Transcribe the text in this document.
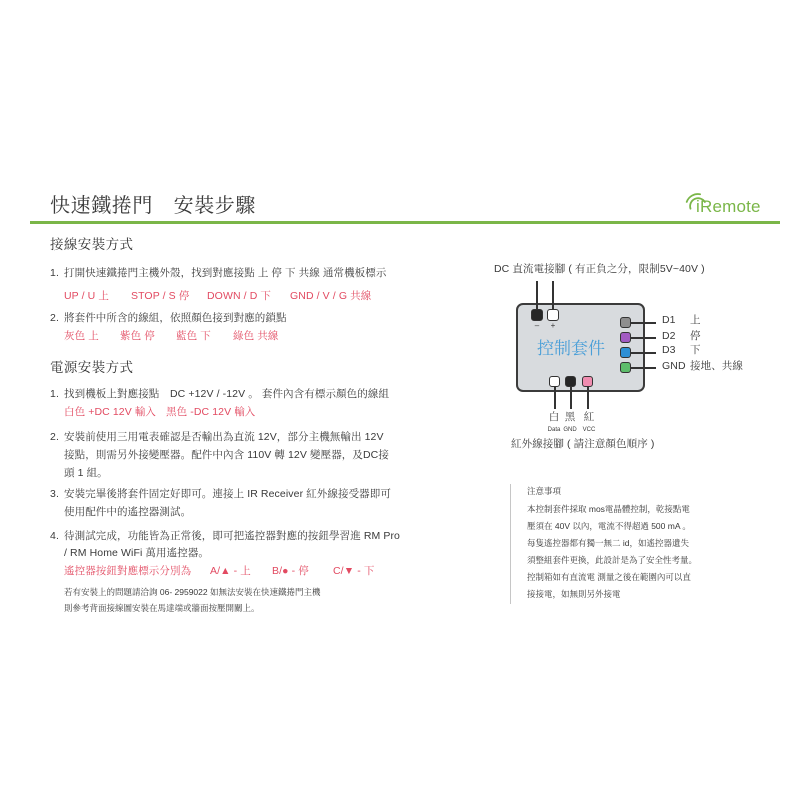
快速鐵捲門　安裝步驟	iRemote
接線安裝方式
1. 打開快速鐵捲門主機外殼，找到對應接點 上 停 下 共線 通常機板標示
UP / U 上 STOP / S 停 DOWN / D 下 GND / V / G 共線
2. 將套件中所含的線組，依照顏色接到對應的鎖點
灰色 上 紫色 停 藍色 下 綠色 共線
電源安裝方式
1. 找到機板上對應接點　DC +12V / -12V 。 套件內含有標示顏色的線組
白色 +DC 12V 輸入 黑色 -DC 12V 輸入
2. 安裝前使用三用電表確認是否輸出為直流 12V，部分主機無輸出 12V
接點，則需另外接變壓器。配件中內含 110V 轉 12V 變壓器，及DC接
頭 1 組。
3. 安裝完畢後將套件固定好即可。連接上 IR Receiver 紅外線接受器即可
使用配件中的遙控器測試。
4. 待測試完成，功能皆為正常後，即可把遙控器對應的按鈕學習進 RM Pro
/ RM Home WiFi 萬用遙控器。
遙控器按鈕對應標示分別為 A/▲ - 上 B/● - 停 C/▼ - 下
若有安裝上的問題請洽詢 06- 2959022 如無法安裝在快速鐵捲門主機
則參考背面接線圖安裝在馬達端或牆面按壓開關上。
DC 直流電接腳 ( 有正負之分，限制5V~40V )
–	+
控制套件
D1 上
D2 停
D3 下
GND 接地、共線
白 黑 紅
Data GND VCC
紅外線接腳 ( 請注意顏色順序 )
注意事項
本控制套件採取 mos電晶體控制，乾接點電
壓須在 40V 以內，電流不得超過 500 mA 。
每隻遙控器都有獨一無二 id，如遙控器遺失
須整組套件更換，此設計是為了安全性考量。
控制箱如有直流電 測量之後在範圍內可以直
接接電，如無則另外接電
